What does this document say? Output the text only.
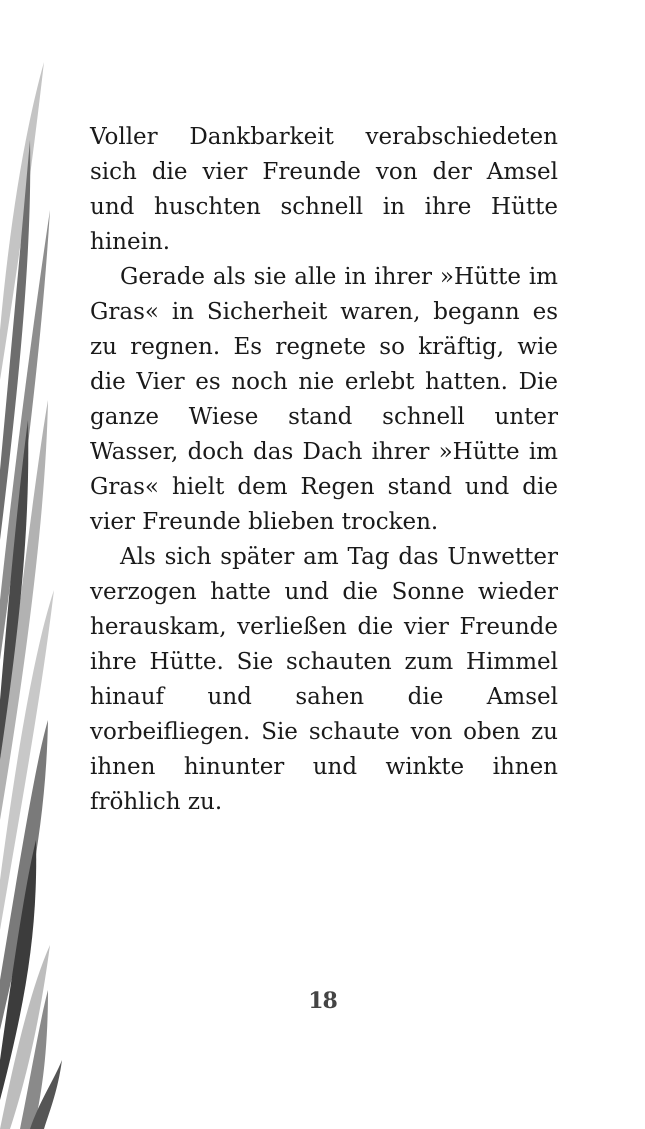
Voller Dankbarkeit verabschiedeten sich die vier Freunde von der Amsel und huschten schnell in ihre Hütte hinein.

Gerade als sie alle in ihrer »Hütte im Gras« in Sicherheit waren, begann es zu regnen. Es regnete so kräftig, wie die Vier es noch nie erlebt hatten. Die ganze Wiese stand schnell unter Wasser, doch das Dach ihrer »Hütte im Gras« hielt dem Regen stand und die vier Freunde blieben trocken.

Als sich später am Tag das Unwetter verzogen hatte und die Sonne wieder herauskam, verließen die vier Freunde ihre Hütte. Sie schauten zum Himmel hinauf und sahen die Amsel vorbeifliegen. Sie schaute von oben zu ihnen hinunter und winkte ihnen fröhlich zu.

18
